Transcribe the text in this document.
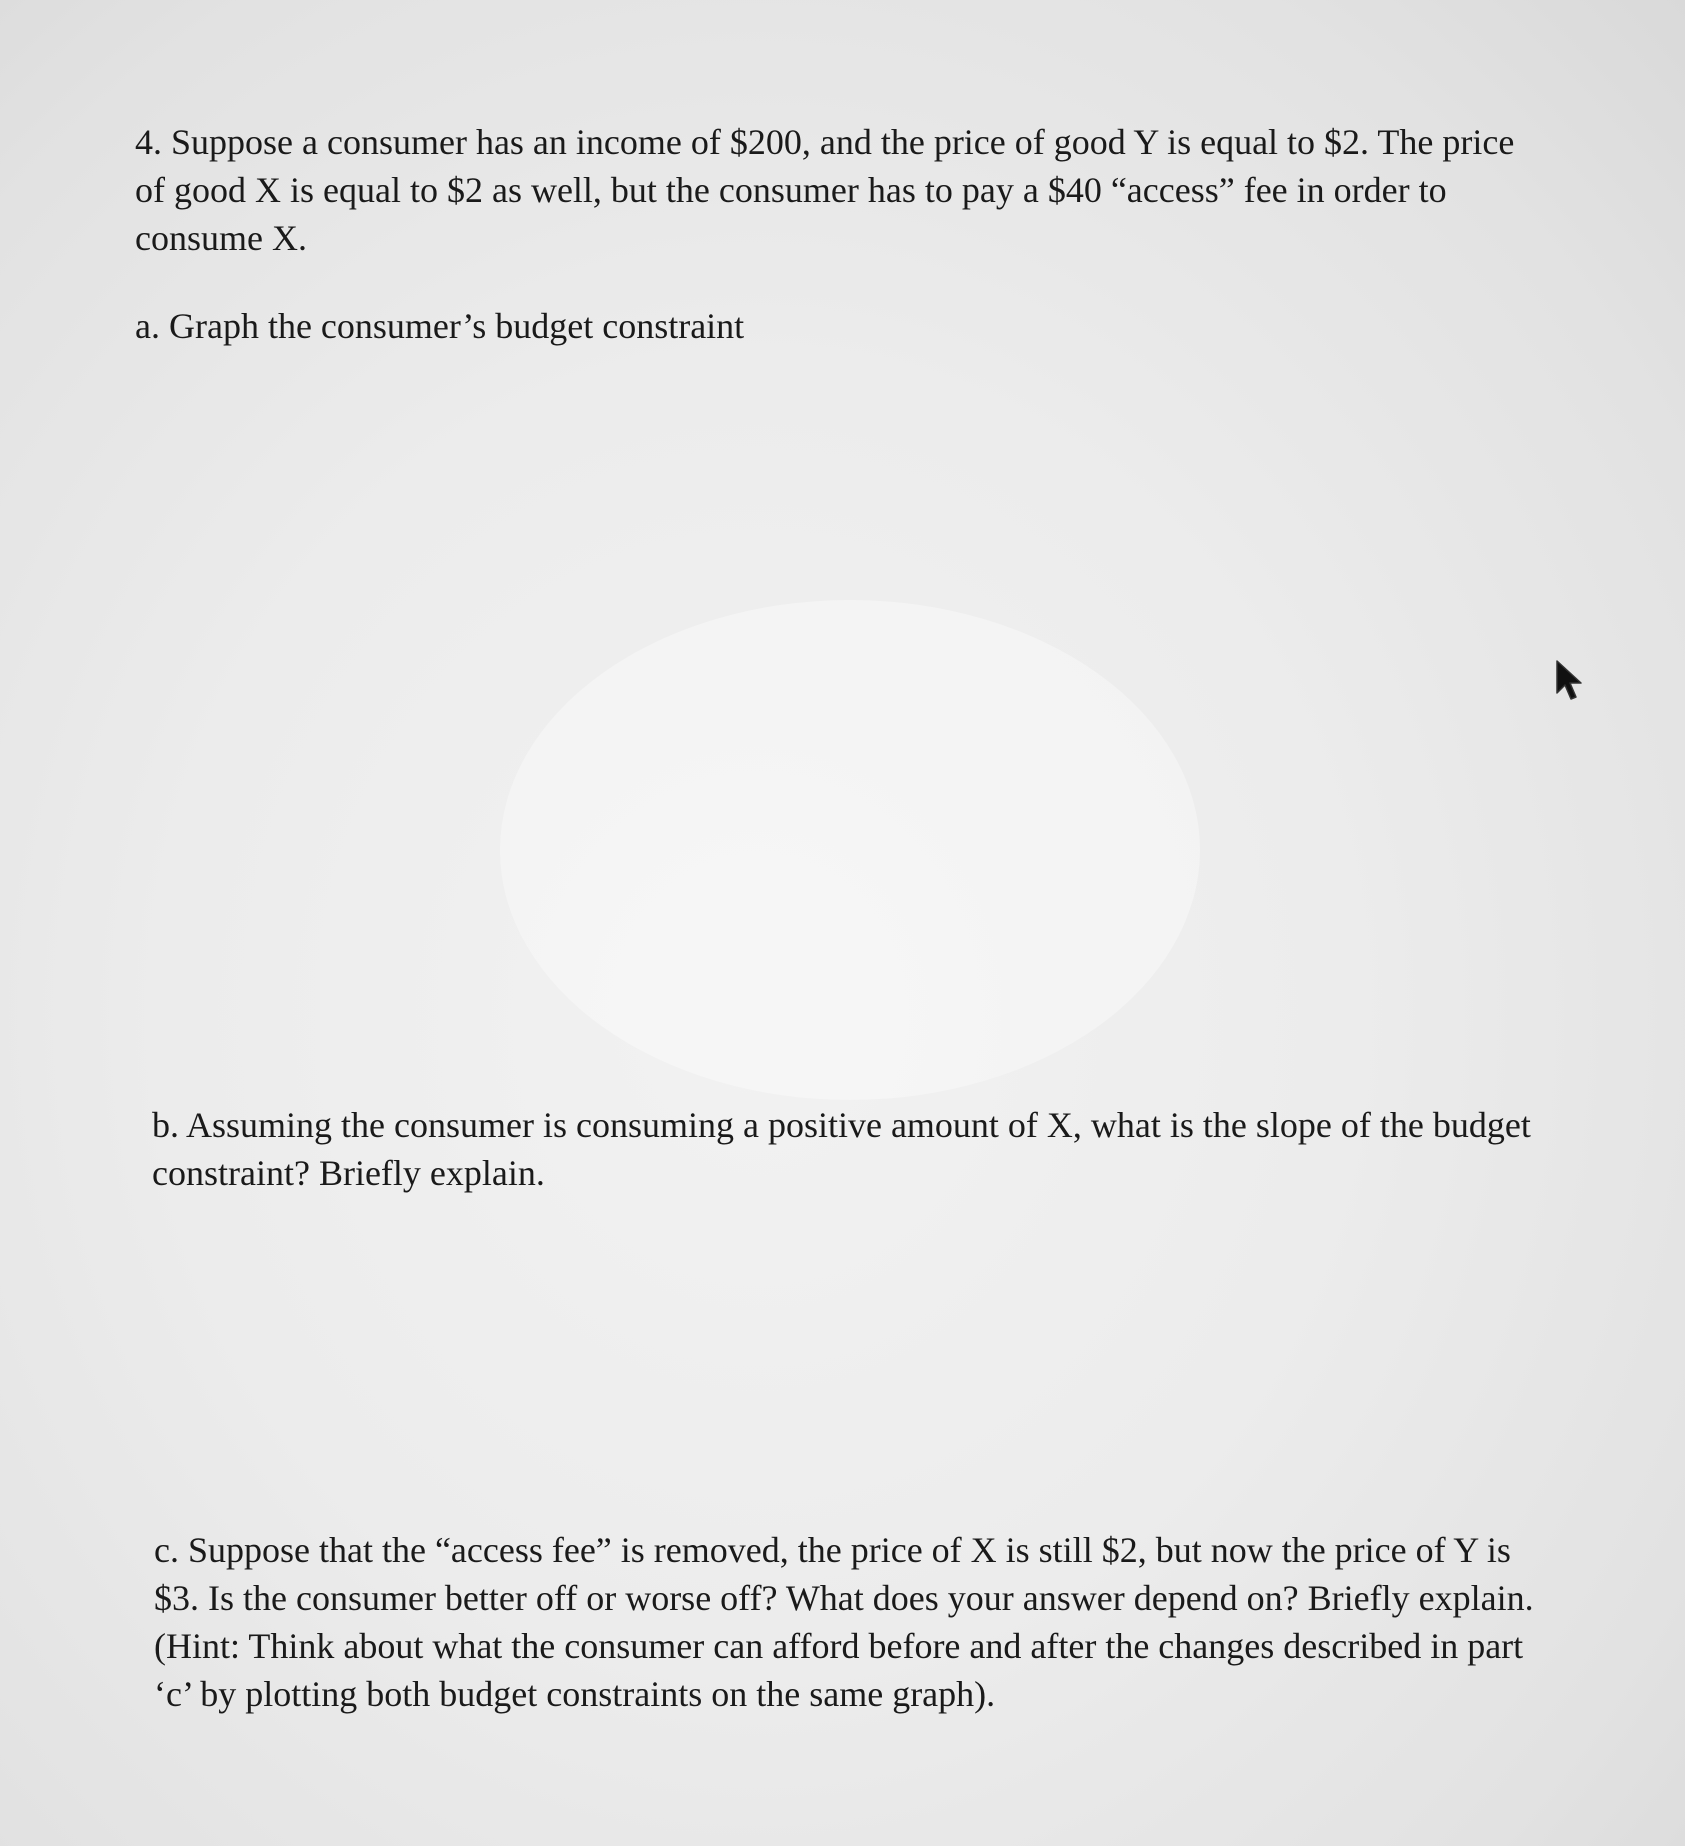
4. Suppose a consumer has an income of $200, and the price of good Y is equal to $2. The price
of good X is equal to $2 as well, but the consumer has to pay a $40 “access” fee in order to
consume X.

a. Graph the consumer’s budget constraint

b. Assuming the consumer is consuming a positive amount of X, what is the slope of the budget
constraint? Briefly explain.

c. Suppose that the “access fee” is removed, the price of X is still $2, but now the price of Y is
$3. Is the consumer better off or worse off? What does your answer depend on? Briefly explain.
(Hint: Think about what the consumer can afford before and after the changes described in part
‘c’ by plotting both budget constraints on the same graph).
